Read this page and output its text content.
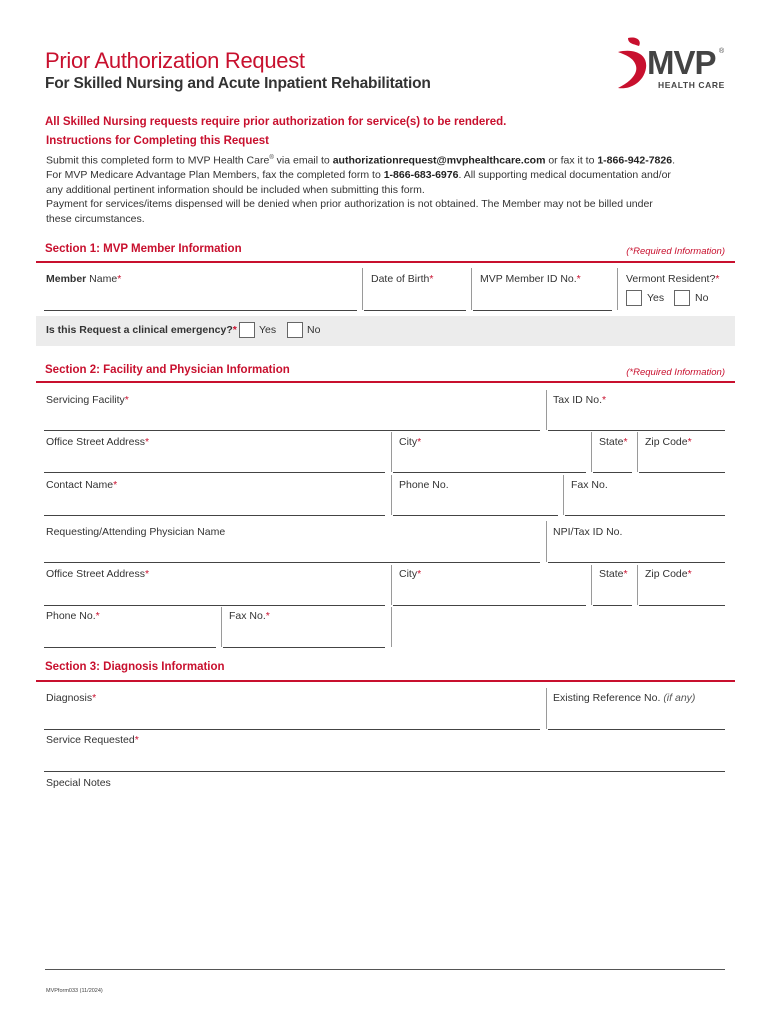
Prior Authorization Request
For Skilled Nursing and Acute Inpatient Rehabilitation
MVP ®
HEALTH CARE
All Skilled Nursing requests require prior authorization for service(s) to be rendered.
Instructions for Completing this Request
Submit this completed form to MVP Health Care® via email to authorizationrequest@mvphealthcare.com or fax it to 1-866-942-7826.
For MVP Medicare Advantage Plan Members, fax the completed form to 1-866-683-6976. All supporting medical documentation and/or
any additional pertinent information should be included when submitting this form.
Payment for services/items dispensed will be denied when prior authorization is not obtained. The Member may not be billed under
these circumstances.
Section 1: MVP Member Information	(*Required Information)
Member Name*	Date of Birth*	MVP Member ID No.*	Vermont Resident?*
Yes	No
Is this Request a clinical emergency?* Yes	No
Section 2: Facility and Physician Information	(*Required Information)
Servicing Facility*	Tax ID No.*
Office Street Address*	City*	State* Zip Code*
Contact Name*	Phone No.	Fax No.
Requesting/Attending Physician Name	NPI/Tax ID No.
Office Street Address*	City*	State* Zip Code*
Phone No.*	Fax No.*
Section 3: Diagnosis Information
Diagnosis*	Existing Reference No. (if any)
Service Requested*
Special Notes
MVPform033 (11/2024)
